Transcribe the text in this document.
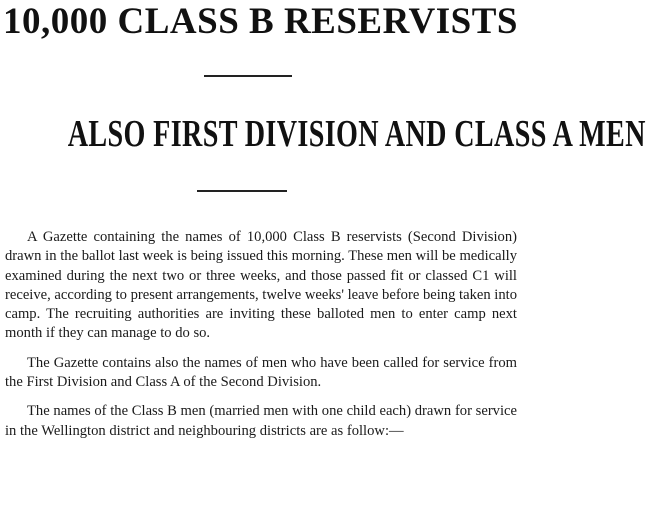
10,000 CLASS B RESERVISTS
ALSO FIRST DIVISION AND CLASS A MEN

A Gazette containing the names of 10,000 Class B reservists (Second Division) drawn in the ballot last week is being issued this morning. These men will be medically examined during the next two or three weeks, and those passed fit or classed C1 will receive, according to present arrangements, twelve weeks' leave before being taken into camp. The recruiting authorities are inviting these balloted men to enter camp next month if they can manage to do so.

The Gazette contains also the names of men who have been called for service from the First Division and Class A of the Second Division.

The names of the Class B men (married men with one child each) drawn for service in the Wellington district and neighbouring districts are as follow:—
